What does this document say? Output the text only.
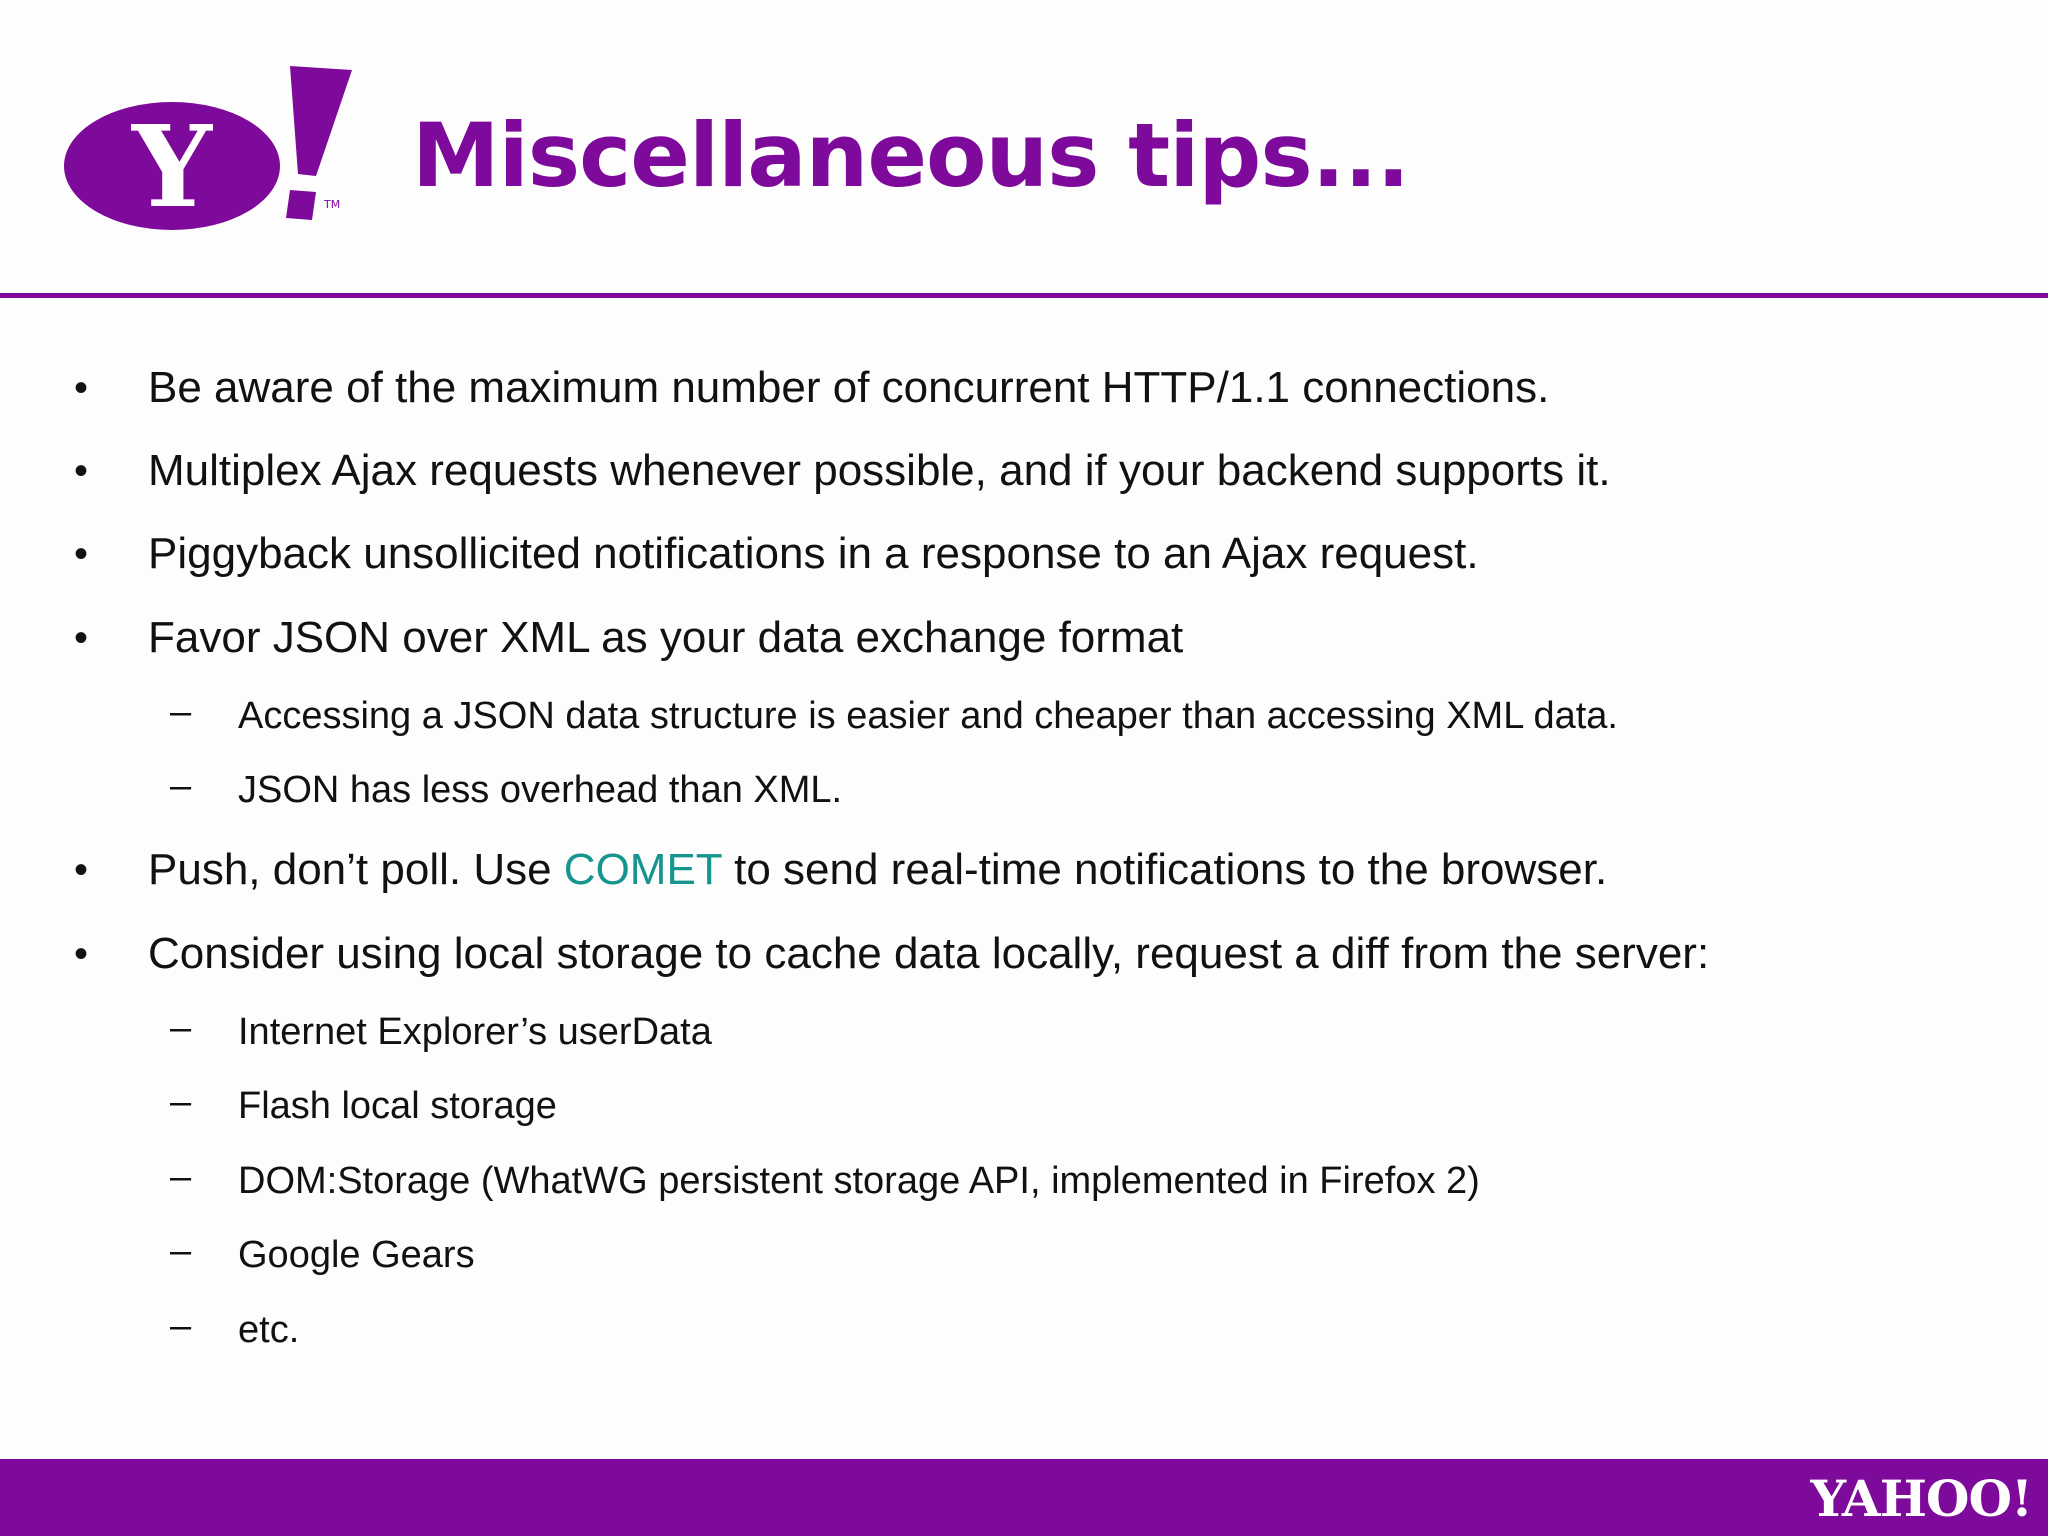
Y	TM Miscellaneous tips...
• Be aware of the maximum number of concurrent HTTP/1.1 connections.
• Multiplex Ajax requests whenever possible, and if your backend supports it.
• Piggyback unsollicited notifications in a response to an Ajax request.
• Favor JSON over XML as your data exchange format
– Accessing a JSON data structure is easier and cheaper than accessing XML data.
– JSON has less overhead than XML.
• Push, don’t poll. Use COMET to send real-time notifications to the browser.
• Consider using local storage to cache data locally, request a diff from the server:
– Internet Explorer’s userData
– Flash local storage
– DOM:Storage (WhatWG persistent storage API, implemented in Firefox 2)
– Google Gears
– etc.
YAHOO!
